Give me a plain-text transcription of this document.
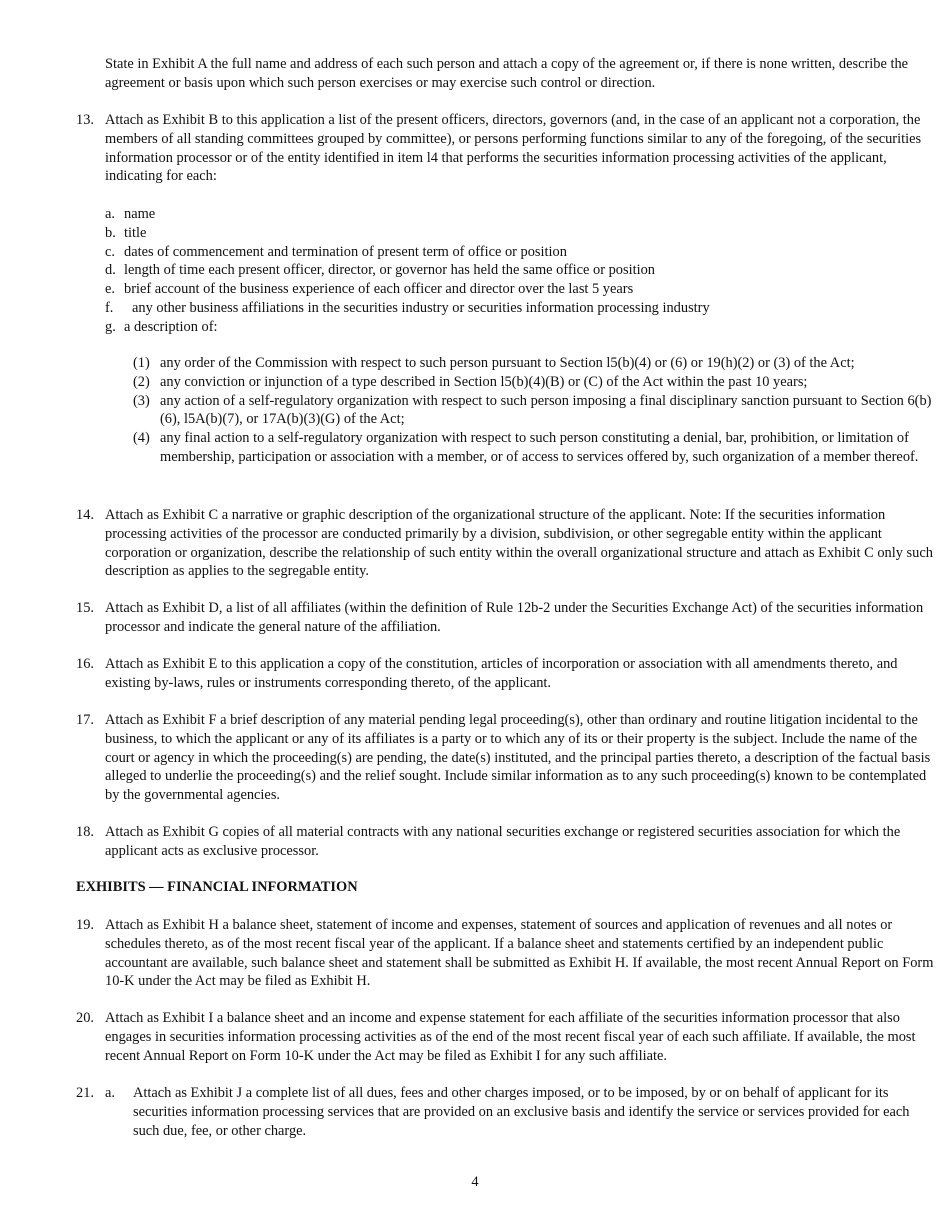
State in Exhibit A the full name and address of each such person and attach a copy of the agreement or, if there is none written, describe the agreement or basis upon which such person exercises or may exercise such control or direction.

13. Attach as Exhibit B to this application a list of the present officers, directors, governors (and, in the case of an applicant not a corporation, the members of all standing committees grouped by committee), or persons performing functions similar to any of the foregoing, of the securities information processor or of the entity identified in item l4 that performs the securities information processing activities of the applicant, indicating for each:
a. name
b. title
c. dates of commencement and termination of present term of office or position
d. length of time each present officer, director, or governor has held the same office or position
e. brief account of the business experience of each officer and director over the last 5 years
f. any other business affiliations in the securities industry or securities information processing industry
g. a description of:
(1) any order of the Commission with respect to such person pursuant to Section l5(b)(4) or (6) or 19(h)(2) or (3) of the Act;
(2) any conviction or injunction of a type described in Section l5(b)(4)(B) or (C) of the Act within the past 10 years;
(3) any action of a self-regulatory organization with respect to such person imposing a final disciplinary sanction pursuant to Section 6(b)(6), l5A(b)(7), or 17A(b)(3)(G) of the Act;
(4) any final action to a self-regulatory organization with respect to such person constituting a denial, bar, prohibition, or limitation of membership, participation or association with a member, or of access to services offered by, such organization of a member thereof.
14. Attach as Exhibit C a narrative or graphic description of the organizational structure of the applicant. Note: If the securities information processing activities of the processor are conducted primarily by a division, subdivision, or other segregable entity within the applicant corporation or organization, describe the relationship of such entity within the overall organizational structure and attach as Exhibit C only such description as applies to the segregable entity.
15. Attach as Exhibit D, a list of all affiliates (within the definition of Rule 12b-2 under the Securities Exchange Act) of the securities information processor and indicate the general nature of the affiliation.
16. Attach as Exhibit E to this application a copy of the constitution, articles of incorporation or association with all amendments thereto, and existing by-laws, rules or instruments corresponding thereto, of the applicant.
17. Attach as Exhibit F a brief description of any material pending legal proceeding(s), other than ordinary and routine litigation incidental to the business, to which the applicant or any of its affiliates is a party or to which any of its or their property is the subject. Include the name of the court or agency in which the proceeding(s) are pending, the date(s) instituted, and the principal parties thereto, a description of the factual basis alleged to underlie the proceeding(s) and the relief sought. Include similar information as to any such proceeding(s) known to be contemplated by the governmental agencies.
18. Attach as Exhibit G copies of all material contracts with any national securities exchange or registered securities association for which the applicant acts as exclusive processor.
EXHIBITS — FINANCIAL INFORMATION
19. Attach as Exhibit H a balance sheet, statement of income and expenses, statement of sources and application of revenues and all notes or schedules thereto, as of the most recent fiscal year of the applicant. If a balance sheet and statements certified by an independent public accountant are available, such balance sheet and statement shall be submitted as Exhibit H. If available, the most recent Annual Report on Form 10-K under the Act may be filed as Exhibit H.
20. Attach as Exhibit I a balance sheet and an income and expense statement for each affiliate of the securities information processor that also engages in securities information processing activities as of the end of the most recent fiscal year of each such affiliate. If available, the most recent Annual Report on Form 10-K under the Act may be filed as Exhibit I for any such affiliate.
21. a. Attach as Exhibit J a complete list of all dues, fees and other charges imposed, or to be imposed, by or on behalf of applicant for its securities information processing services that are provided on an exclusive basis and identify the service or services provided for each such due, fee, or other charge.
4
